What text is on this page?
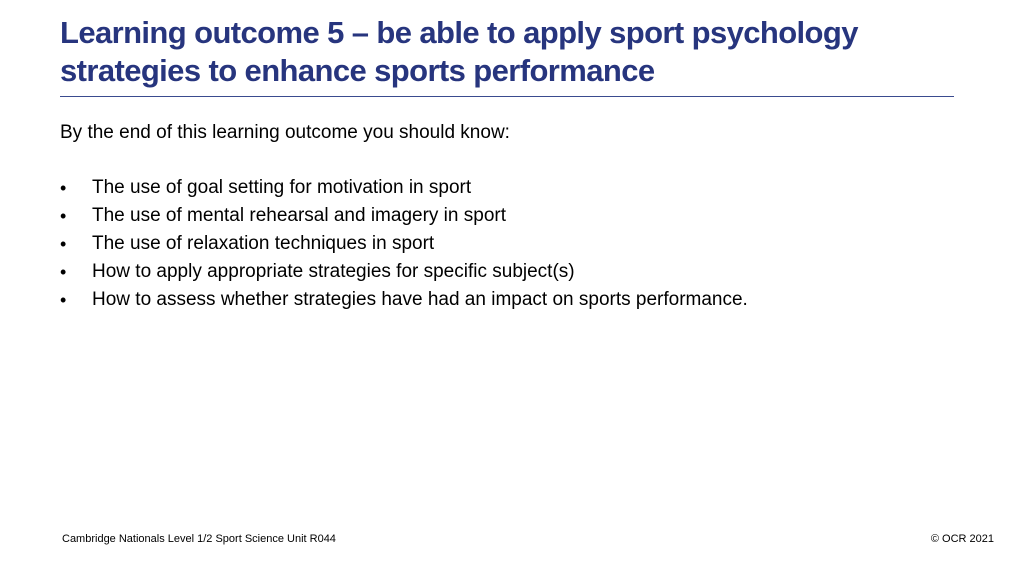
Learning outcome 5 – be able to apply sport psychology
strategies to enhance sports performance

By the end of this learning outcome you should know:

• The use of goal setting for motivation in sport
• The use of mental rehearsal and imagery in sport
• The use of relaxation techniques in sport
• How to apply appropriate strategies for specific subject(s)
• How to assess whether strategies have had an impact on sports performance.
Cambridge Nationals Level 1/2 Sport Science Unit R044	© OCR 2021
